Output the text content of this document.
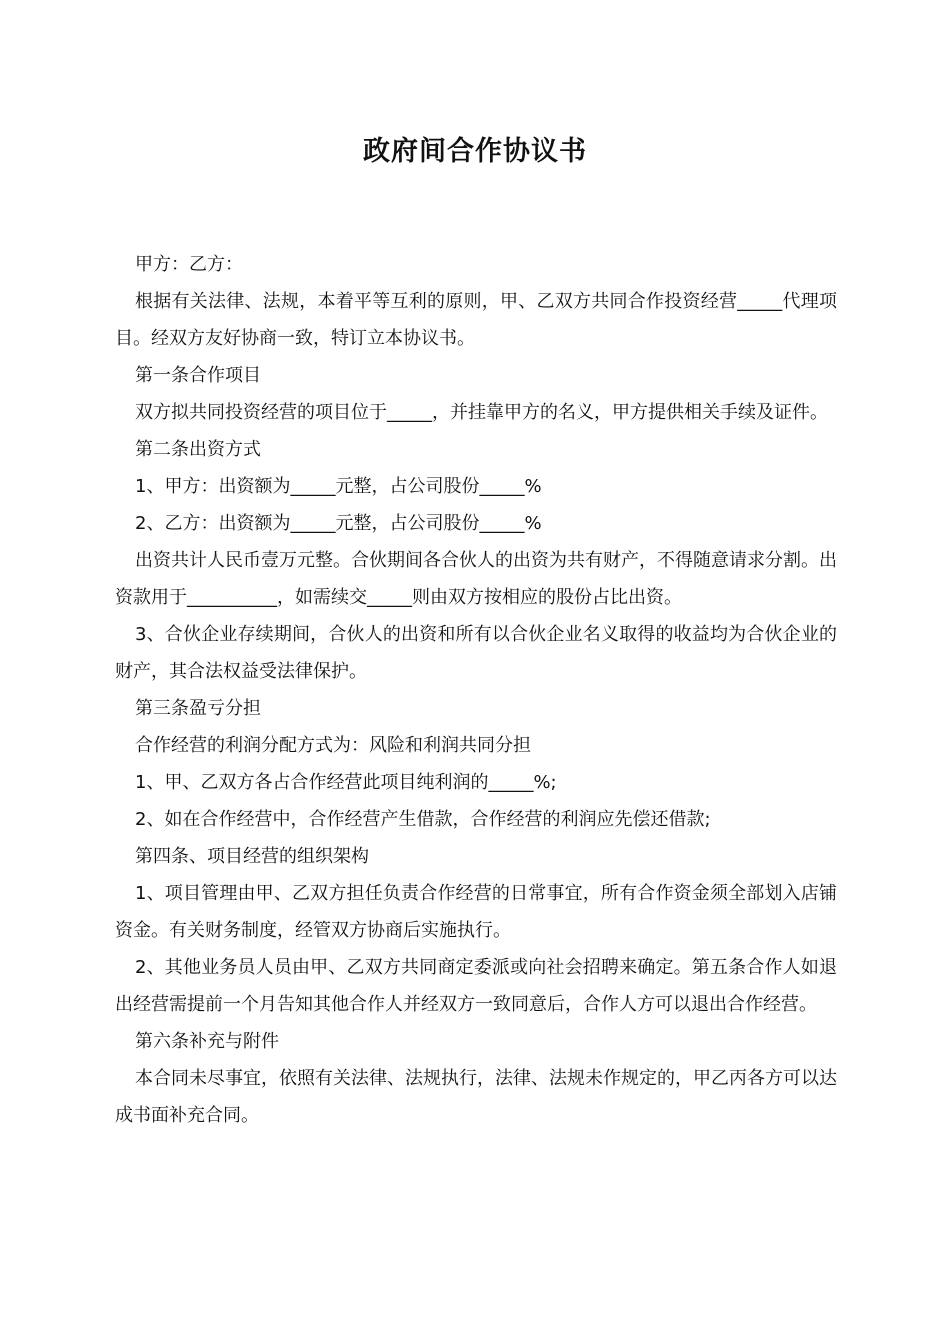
政府间合作协议书

甲方：乙方：

根据有关法律、法规，本着平等互利的原则，甲、乙双方共同合作投资经营_____代理项目。经双方友好协商一致，特订立本协议书。

第一条合作项目

双方拟共同投资经营的项目位于_____，并挂靠甲方的名义，甲方提供相关手续及证件。

第二条出资方式

1、甲方：出资额为_____元整，占公司股份_____%

2、乙方：出资额为_____元整，占公司股份_____%

出资共计人民币壹万元整。合伙期间各合伙人的出资为共有财产，不得随意请求分割。出资款用于__________，如需续交_____则由双方按相应的股份占比出资。

3、合伙企业存续期间，合伙人的出资和所有以合伙企业名义取得的收益均为合伙企业的财产，其合法权益受法律保护。

第三条盈亏分担

合作经营的利润分配方式为：风险和利润共同分担

1、甲、乙双方各占合作经营此项目纯利润的_____%;

2、如在合作经营中，合作经营产生借款，合作经营的利润应先偿还借款;

第四条、项目经营的组织架构

1、项目管理由甲、乙双方担任负责合作经营的日常事宜，所有合作资金须全部划入店铺资金。有关财务制度，经管双方协商后实施执行。

2、其他业务员人员由甲、乙双方共同商定委派或向社会招聘来确定。第五条合作人如退出经营需提前一个月告知其他合作人并经双方一致同意后，合作人方可以退出合作经营。

第六条补充与附件

本合同未尽事宜，依照有关法律、法规执行，法律、法规未作规定的，甲乙丙各方可以达成书面补充合同。
